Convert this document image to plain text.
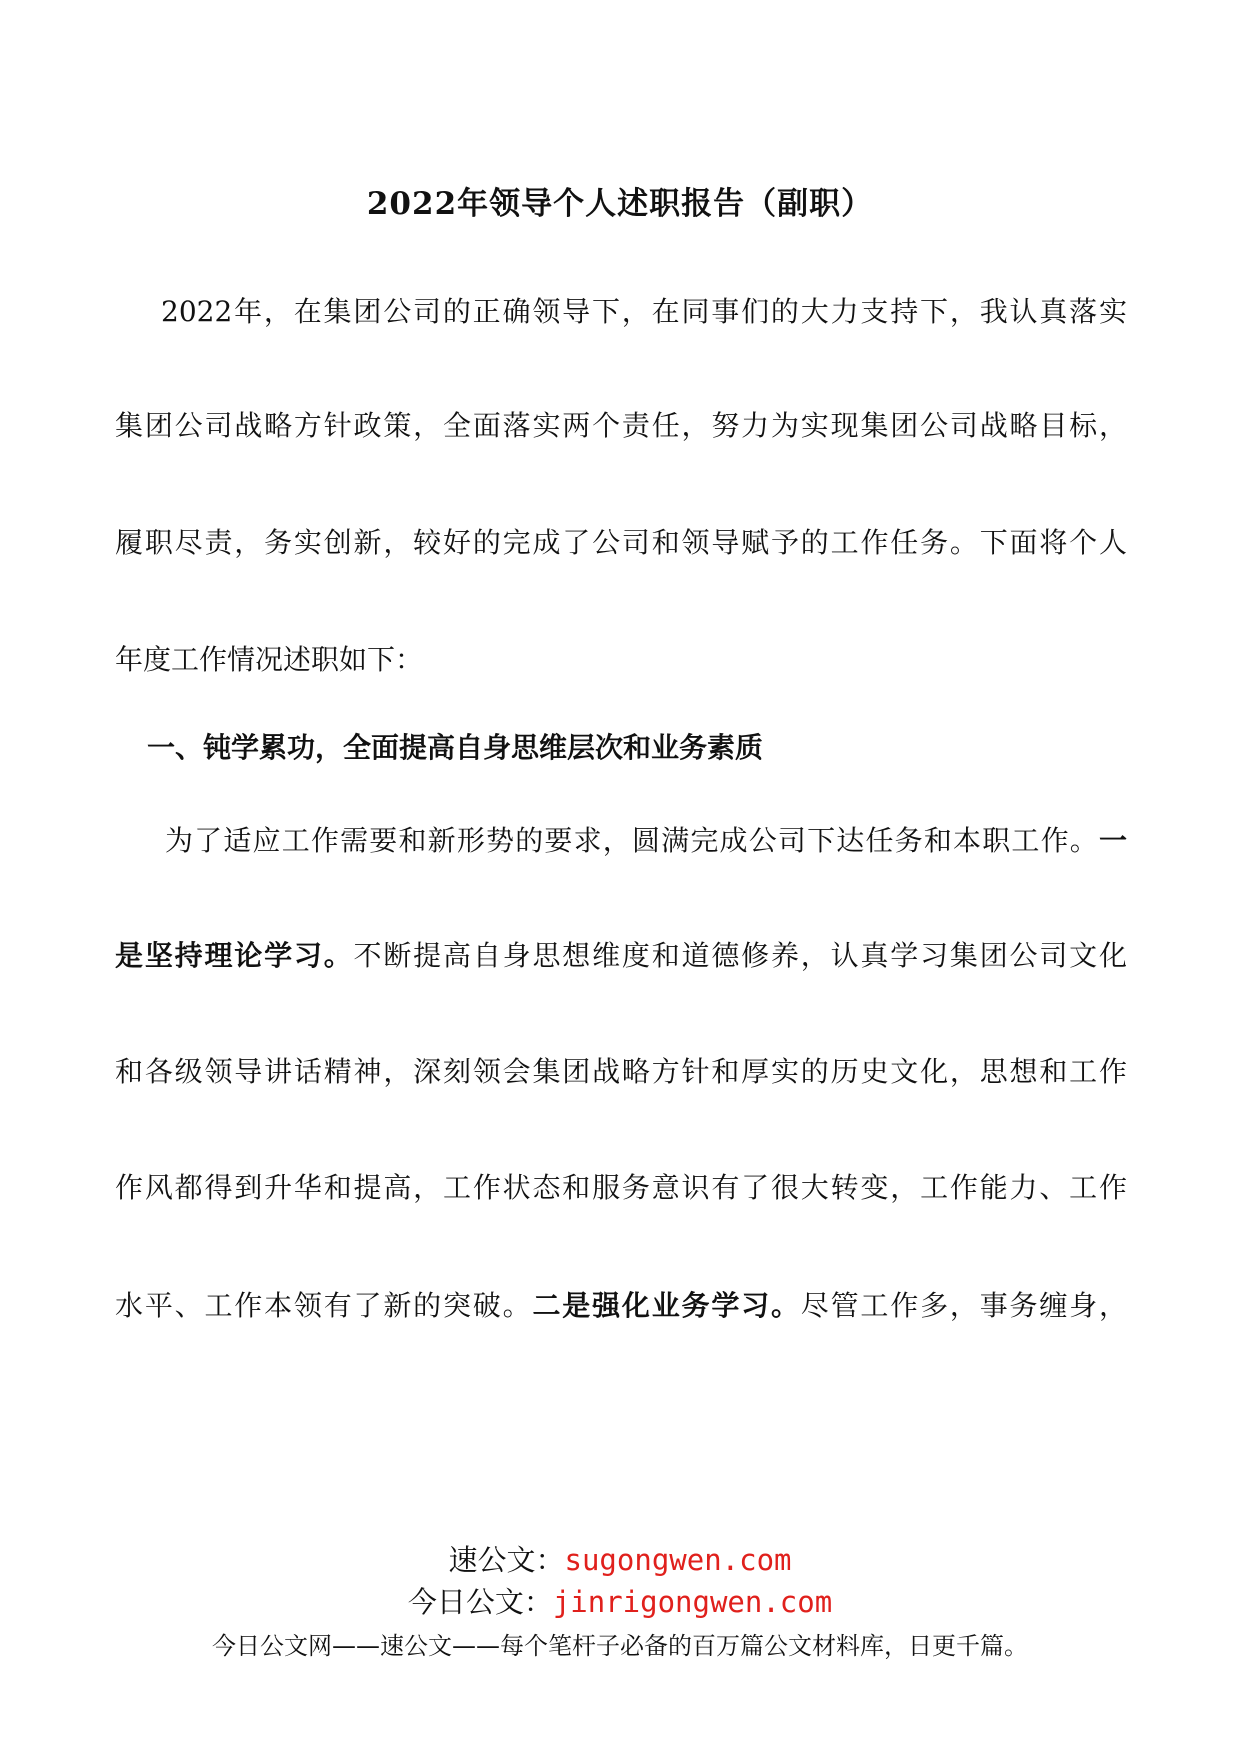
2022年领导个人述职报告（副职）
2022年，在集团公司的正确领导下，在同事们的大力支持下，我认真落实
集团公司战略方针政策，全面落实两个责任，努力为实现集团公司战略目标，
履职尽责，务实创新，较好的完成了公司和领导赋予的工作任务。下面将个人
年度工作情况述职如下：
一、钝学累功，全面提高自身思维层次和业务素质
为了适应工作需要和新形势的要求，圆满完成公司下达任务和本职工作。一
是坚持理论学习。不断提高自身思想维度和道德修养，认真学习集团公司文化
和各级领导讲话精神，深刻领会集团战略方针和厚实的历史文化，思想和工作
作风都得到升华和提高，工作状态和服务意识有了很大转变，工作能力、工作
水平、工作本领有了新的突破。二是强化业务学习。尽管工作多，事务缠身，
速公文：sugongwen.com
今日公文：jinrigongwen.com
今日公文网——速公文——每个笔杆子必备的百万篇公文材料库，日更千篇。
